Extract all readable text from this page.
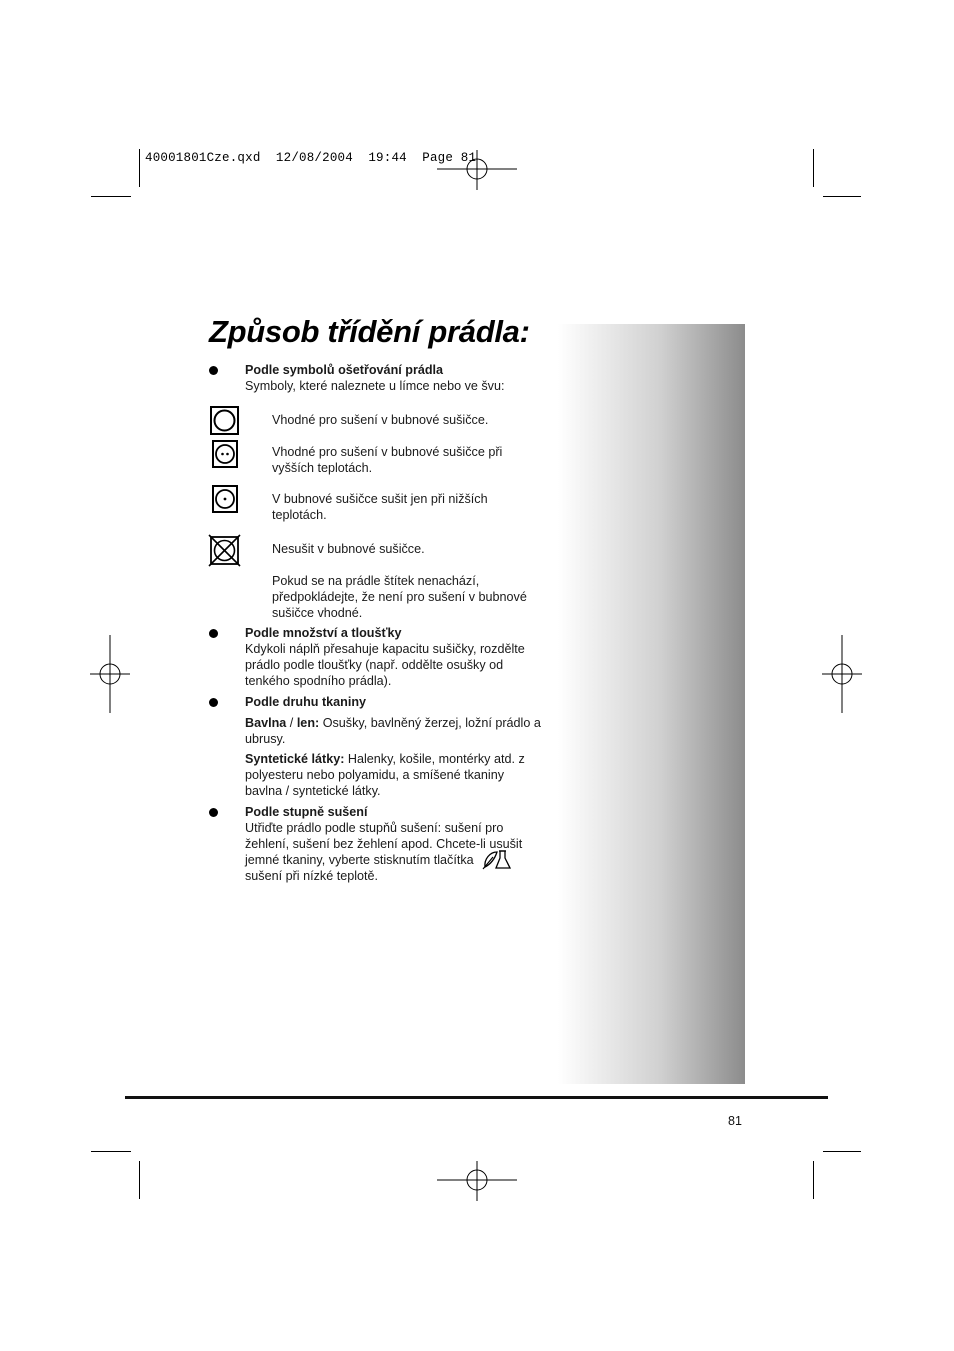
40001801Cze.qxd  12/08/2004  19:44  Page 81
Způsob třídění prádla:
Podle symbolů ošetřování prádla
Symboly, které naleznete u límce nebo ve švu:
Vhodné pro sušení v bubnové sušičce.
Vhodné pro sušení v bubnové sušičce při
vyšších teplotách.
V bubnové sušičce sušit jen při nižších
teplotách.
Nesušit v bubnové sušičce.
Pokud se na prádle štítek nenachází,
předpokládejte, že není pro sušení v bubnové
sušičce vhodné.
Podle množství a tloušťky
Kdykoli náplň přesahuje kapacitu sušičky, rozdělte
prádlo podle tloušťky (např. oddělte osušky od
tenkého spodního prádla).
Podle druhu tkaniny
Bavlna / len: Osušky, bavlněný žerzej, ložní prádlo a
ubrusy.
Syntetické látky: Halenky, košile, montérky atd. z
polyesteru nebo polyamidu, a smíšené tkaniny
bavlna / syntetické látky.
Podle stupně sušení
Utřiďte prádlo podle stupňů sušení: sušení pro
žehlení, sušení bez žehlení apod. Chcete-li usušit
jemné tkaniny, vyberte stisknutím tlačítka
sušení při nízké teplotě.
81
